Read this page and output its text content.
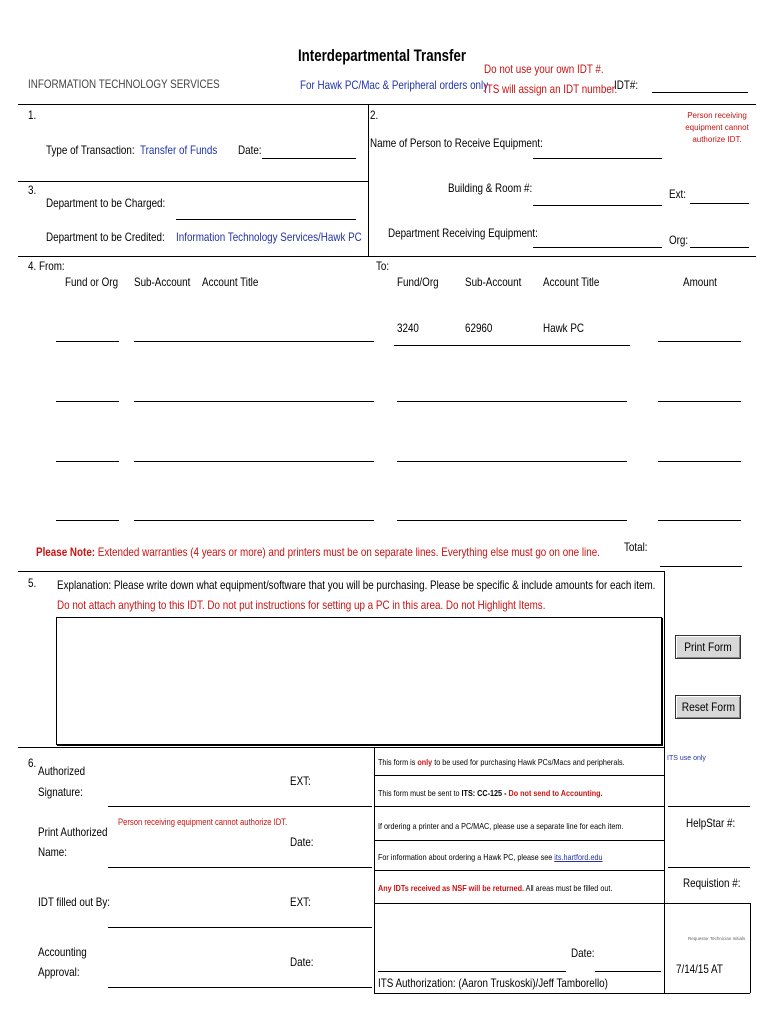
Interdepartmental Transfer
INFORMATION TECHNOLOGY SERVICES	For Hawk PC/Mac & Peripheral orders only
Do not use your own IDT #.
ITS will assign an IDT number.
IDT#:
1.
Type of Transaction: Transfer of Funds Date:
2.
Name of Person to Receive Equipment:
Person receiving
equipment cannot
authorize IDT.
Building & Room #:	Ext:
Department Receiving Equipment:	Org:
3.
Department to be Charged:
Department to be Credited: Information Technology Services/Hawk PC
4. From:
Fund or Org Sub-Account Account Title
To:
Fund/Org Sub-Account Account Title	Amount
3240	62960	Hawk PC
Please Note: Extended warranties (4 years or more) and printers must be on separate lines. Everything else must go on one line. Total:
5. Explanation: Please write down what equipment/software that you will be purchasing. Please be specific & include amounts for each item.
Do not attach anything to this IDT. Do not put instructions for setting up a PC in this area. Do not Highlight Items.
Print Form
Reset Form
6.
Authorized
Signature:
EXT:
Person receiving equipment cannot authorize IDT.
Print Authorized
Name:
Date:
IDT filled out By:	EXT:
Accounting
Approval:
Date:
This form is only to be used for purchasing Hawk PCs/Macs and peripherals.
This form must be sent to ITS: CC-125 - Do not send to Accounting.
If ordering a printer and a PC/MAC, please use a separate line for each item.
For information about ordering a Hawk PC, please see its.hartford.edu
Any IDTs received as NSF will be returned. All areas must be filled out.
Date:
ITS Authorization: (Aaron Truskoski)/Jeff Tamborello)
ITS use only
HelpStar #:
Requistion #:
Requestor Technician Initials
7/14/15 AT
